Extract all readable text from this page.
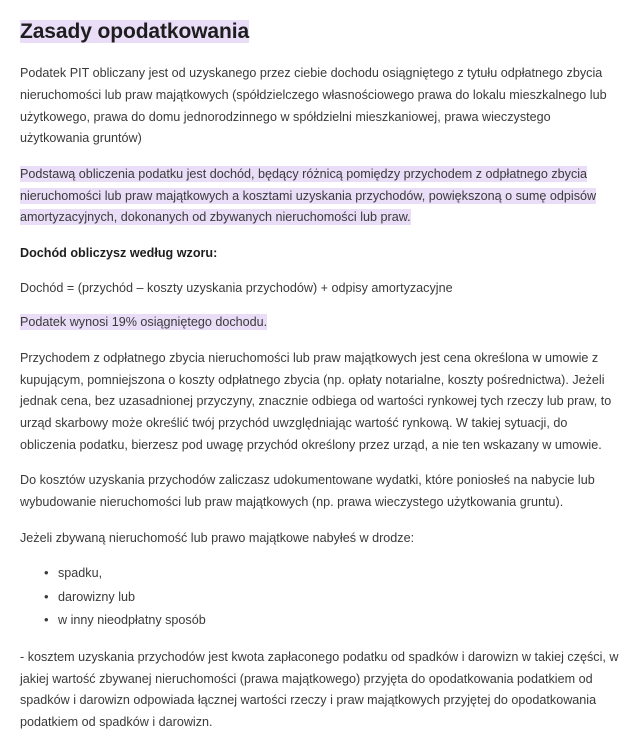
Zasady opodatkowania

Podatek PIT obliczany jest od uzyskanego przez ciebie dochodu osiągniętego z tytułu odpłatnego zbycia nieruchomości lub praw majątkowych (spółdzielczego własnościowego prawa do lokalu mieszkalnego lub użytkowego, prawa do domu jednorodzinnego w spółdzielni mieszkaniowej, prawa wieczystego użytkowania gruntów)

Podstawą obliczenia podatku jest dochód, będący różnicą pomiędzy przychodem z odpłatnego zbycia nieruchomości lub praw majątkowych a kosztami uzyskania przychodów, powiększoną o sumę odpisów amortyzacyjnych, dokonanych od zbywanych nieruchomości lub praw.

Dochód obliczysz według wzoru:

Dochód = (przychód – koszty uzyskania przychodów) + odpisy amortyzacyjne

Podatek wynosi 19% osiągniętego dochodu.

Przychodem z odpłatnego zbycia nieruchomości lub praw majątkowych jest cena określona w umowie z kupującym, pomniejszona o koszty odpłatnego zbycia (np. opłaty notarialne, koszty pośrednictwa). Jeżeli jednak cena, bez uzasadnionej przyczyny, znacznie odbiega od wartości rynkowej tych rzeczy lub praw, to urząd skarbowy może określić twój przychód uwzględniając wartość rynkową. W takiej sytuacji, do obliczenia podatku, bierzesz pod uwagę przychód określony przez urząd, a nie ten wskazany w umowie.

Do kosztów uzyskania przychodów zaliczasz udokumentowane wydatki, które poniosłeś na nabycie lub wybudowanie nieruchomości lub praw majątkowych (np. prawa wieczystego użytkowania gruntu).

Jeżeli zbywaną nieruchomość lub prawo majątkowe nabyłeś w drodze:

• spadku,
• darowizny lub
• w inny nieodpłatny sposób

- kosztem uzyskania przychodów jest kwota zapłaconego podatku od spadków i darowizn w takiej części, w jakiej wartość zbywanej nieruchomości (prawa majątkowego) przyjęta do opodatkowania podatkiem od spadków i darowizn odpowiada łącznej wartości rzeczy i praw majątkowych przyjętej do opodatkowania podatkiem od spadków i darowizn.
